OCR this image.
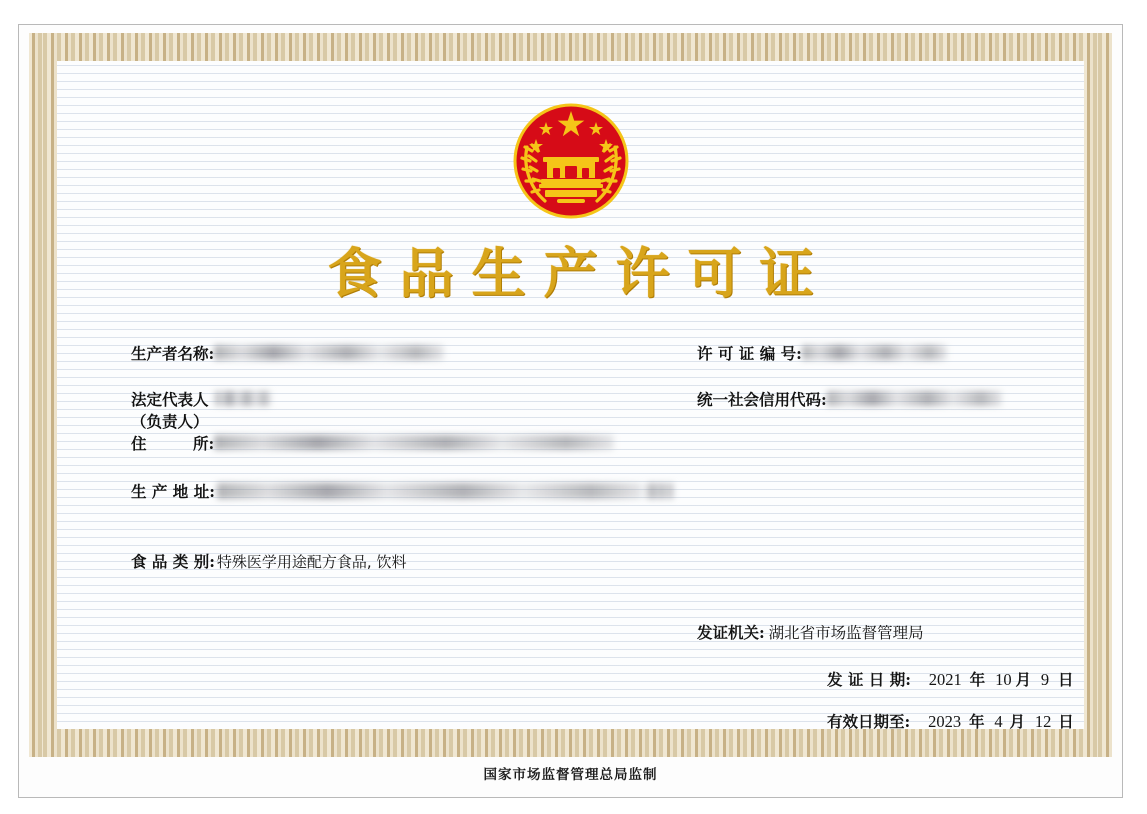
食品生产许可证
生产者名称:
法定代表人
（负责人）
住　　　所:
生 产 地 址:

食 品 类 别: 特殊医学用途配方食品, 饮料
许 可 证 编 号:
统一社会信用代码:
发证机关: 湖北省市场监督管理局
发 证 日 期: 2021 年 10 月 9 日
有效日期至: 2023 年 4 月 12 日
国家市场监督管理总局监制
